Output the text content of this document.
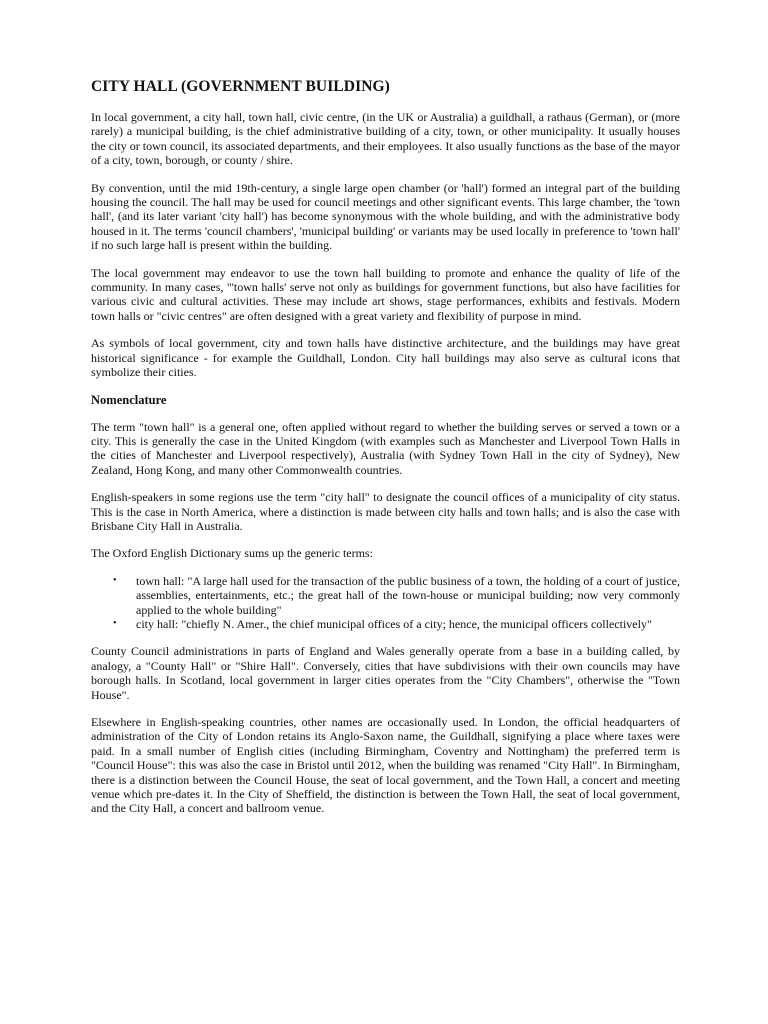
CITY HALL (GOVERNMENT BUILDING)

In local government, a city hall, town hall, civic centre, (in the UK or Australia) a guildhall, a rathaus (German), or (more rarely) a municipal building, is the chief administrative building of a city, town, or other municipality. It usually houses the city or town council, its associated departments, and their employees. It also usually functions as the base of the mayor of a city, town, borough, or county / shire.

By convention, until the mid 19th-century, a single large open chamber (or 'hall') formed an integral part of the building housing the council. The hall may be used for council meetings and other significant events. This large chamber, the 'town hall', (and its later variant 'city hall') has become synonymous with the whole building, and with the administrative body housed in it. The terms 'council chambers', 'municipal building' or variants may be used locally in preference to 'town hall' if no such large hall is present within the building.

The local government may endeavor to use the town hall building to promote and enhance the quality of life of the community. In many cases, "'town halls' serve not only as buildings for government functions, but also have facilities for various civic and cultural activities. These may include art shows, stage performances, exhibits and festivals. Modern town halls or "civic centres" are often designed with a great variety and flexibility of purpose in mind.

As symbols of local government, city and town halls have distinctive architecture, and the buildings may have great historical significance - for example the Guildhall, London. City hall buildings may also serve as cultural icons that symbolize their cities.

Nomenclature

The term "town hall" is a general one, often applied without regard to whether the building serves or served a town or a city. This is generally the case in the United Kingdom (with examples such as Manchester and Liverpool Town Halls in the cities of Manchester and Liverpool respectively), Australia (with Sydney Town Hall in the city of Sydney), New Zealand, Hong Kong, and many other Commonwealth countries.

English-speakers in some regions use the term "city hall" to designate the council offices of a municipality of city status. This is the case in North America, where a distinction is made between city halls and town halls; and is also the case with Brisbane City Hall in Australia.

The Oxford English Dictionary sums up the generic terms:

• town hall: "A large hall used for the transaction of the public business of a town, the holding of a court of justice, assemblies, entertainments, etc.; the great hall of the town-house or municipal building; now very commonly applied to the whole building"
• city hall: "chiefly N. Amer., the chief municipal offices of a city; hence, the municipal officers collectively"

County Council administrations in parts of England and Wales generally operate from a base in a building called, by analogy, a "County Hall" or "Shire Hall". Conversely, cities that have subdivisions with their own councils may have borough halls. In Scotland, local government in larger cities operates from the "City Chambers", otherwise the "Town House".

Elsewhere in English-speaking countries, other names are occasionally used. In London, the official headquarters of administration of the City of London retains its Anglo-Saxon name, the Guildhall, signifying a place where taxes were paid. In a small number of English cities (including Birmingham, Coventry and Nottingham) the preferred term is "Council House": this was also the case in Bristol until 2012, when the building was renamed "City Hall". In Birmingham, there is a distinction between the Council House, the seat of local government, and the Town Hall, a concert and meeting venue which pre-dates it. In the City of Sheffield, the distinction is between the Town Hall, the seat of local government, and the City Hall, a concert and ballroom venue.
